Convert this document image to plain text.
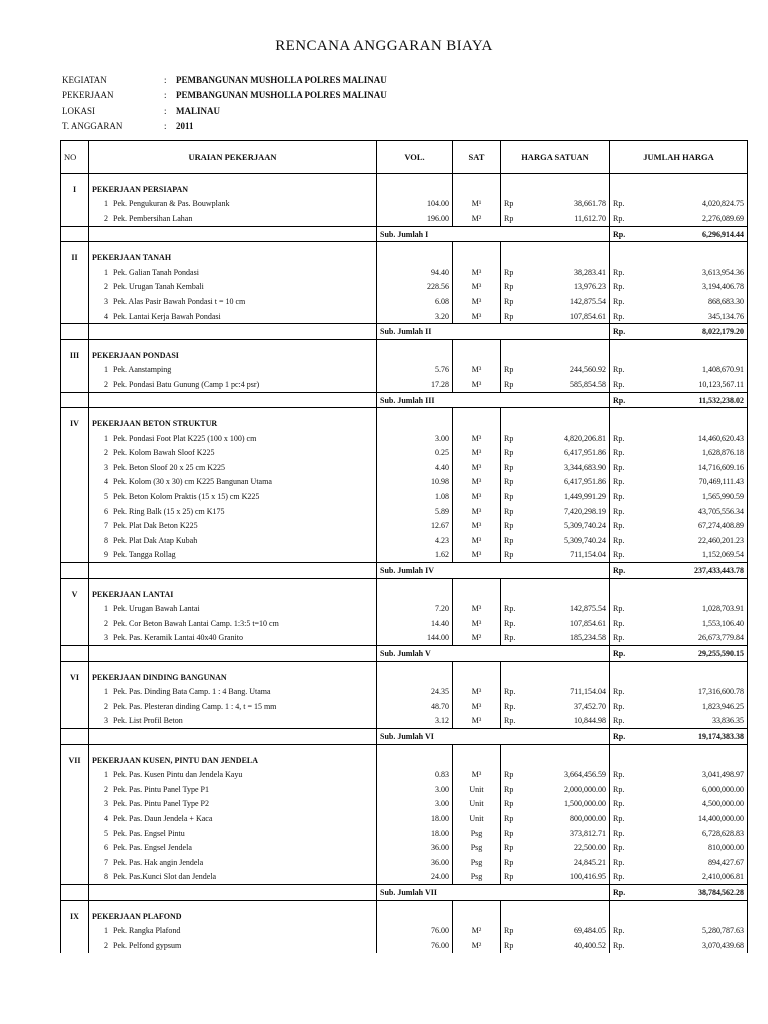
RENCANA ANGGARAN BIAYA
KEGIATAN	:	PEMBANGUNAN MUSHOLLA POLRES MALINAU
PEKERJAAN	:	PEMBANGUNAN MUSHOLLA POLRES MALINAU
LOKASI	:	MALINAU
T. ANGGARAN	:	2011
NO	URAIAN PEKERJAAN	VOL.	SAT	HARGA SATUAN		JUMLAH HARGA	

I	PEKERJAAN PERSIAPAN						
	1 Pek. Pengukuran & Pas. Bouwplank	104.00	M¹	Rp	38,661.78	Rp.	4,020,824.75
	2 Pek. Pembersihan Lahan	196.00	M²	Rp	11,612.70	Rp.	2,276,089.69
		Sub. Jumlah I				Rp.	6,296,914.44

II	PEKERJAAN TANAH						
	1 Pek. Galian Tanah Pondasi	94.40	M³	Rp	38,283.41	Rp.	3,613,954.36
	2 Pek. Urugan Tanah Kembali	228.56	M³	Rp	13,976.23	Rp.	3,194,406.78
	3 Pek. Alas Pasir Bawah Pondasi t = 10 cm	6.08	M³	Rp	142,875.54	Rp.	868,683.30
	4 Pek. Lantai Kerja Bawah Pondasi	3.20	M³	Rp	107,854.61	Rp.	345,134.76
		Sub. Jumlah II				Rp.	8,022,179.20

III	PEKERJAAN PONDASI						
	1 Pek. Aanstamping	5.76	M³	Rp	244,560.92	Rp.	1,408,670.91
	2 Pek. Pondasi Batu Gunung (Camp 1 pc:4 psr)	17.28	M³	Rp	585,854.58	Rp.	10,123,567.11
		Sub. Jumlah III				Rp.	11,532,238.02

IV	PEKERJAAN BETON STRUKTUR						
	1 Pek. Pondasi Foot Plat K225 (100 x 100) cm	3.00	M³	Rp	4,820,206.81	Rp.	14,460,620.43
	2 Pek. Kolom Bawah Sloof K225	0.25	M³	Rp	6,417,951.86	Rp.	1,628,876.18
	3 Pek. Beton Sloof 20 x 25 cm K225	4.40	M³	Rp	3,344,683.90	Rp.	14,716,609.16
	4 Pek. Kolom (30 x 30) cm K225 Bangunan Utama	10.98	M³	Rp	6,417,951.86	Rp.	70,469,111.43
	5 Pek. Beton Kolom Praktis (15 x 15) cm K225	1.08	M³	Rp	1,449,991.29	Rp.	1,565,990.59
	6 Pek. Ring Balk (15 x 25) cm K175	5.89	M³	Rp	7,420,298.19	Rp.	43,705,556.34
	7 Pek. Plat Dak Beton K225	12.67	M³	Rp	5,309,740.24	Rp.	67,274,408.89
	8 Pek. Plat Dak Atap Kubah	4.23	M³	Rp	5,309,740.24	Rp.	22,460,201.23
	9 Pek. Tangga Rollag	1.62	M³	Rp	711,154.04	Rp.	1,152,069.54
		Sub. Jumlah IV				Rp.	237,433,443.78

V	PEKERJAAN LANTAI						
	1 Pek. Urugan Bawah Lantai	7.20	M³	Rp.	142,875.54	Rp.	1,028,703.91
	2 Pek. Cor Beton Bawah Lantai Camp. 1:3:5 t=10 cm	14.40	M³	Rp.	107,854.61	Rp.	1,553,106.40
	3 Pek. Pas. Keramik Lantai 40x40 Granito	144.00	M²	Rp.	185,234.58	Rp.	26,673,779.84
		Sub. Jumlah V				Rp.	29,255,590.15

VI	PEKERJAAN DINDING BANGUNAN						
	1 Pek. Pas. Dinding Bata Camp. 1 : 4 Bang. Utama	24.35	M³	Rp.	711,154.04	Rp.	17,316,600.78
	2 Pek. Pas. Plesteran dinding Camp. 1 : 4, t = 15 mm	48.70	M³	Rp.	37,452.70	Rp.	1,823,946.25
	3 Pek. List Profil Beton	3.12	M³	Rp.	10,844.98	Rp.	33,836.35
		Sub. Jumlah VI				Rp.	19,174,383.38

VII	PEKERJAAN KUSEN, PINTU DAN JENDELA						
	1 Pek. Pas. Kusen Pintu dan Jendela Kayu	0.83	M³	Rp	3,664,456.59	Rp.	3,041,498.97
	2 Pek. Pas. Pintu Panel Type P1	3.00	Unit	Rp	2,000,000.00	Rp.	6,000,000.00
	3 Pek. Pas. Pintu Panel Type P2	3.00	Unit	Rp	1,500,000.00	Rp.	4,500,000.00
	4 Pek. Pas. Daun Jendela + Kaca	18.00	Unit	Rp	800,000.00	Rp.	14,400,000.00
	5 Pek. Pas. Engsel Pintu	18.00	Psg	Rp	373,812.71	Rp.	6,728,628.83
	6 Pek. Pas. Engsel Jendela	36.00	Psg	Rp	22,500.00	Rp.	810,000.00
	7 Pek. Pas. Hak angin Jendela	36.00	Psg	Rp	24,845.21	Rp.	894,427.67
	8 Pek. Pas.Kunci Slot dan Jendela	24.00	Psg	Rp	100,416.95	Rp.	2,410,006.81
		Sub. Jumlah VII				Rp.	38,784,562.28

IX	PEKERJAAN PLAFOND						
	1 Pek. Rangka Plafond	76.00	M²	Rp	69,484.05	Rp.	5,280,787.63
	2 Pek. Pelfond gypsum	76.00	M²	Rp	40,400.52	Rp.	3,070,439.68
